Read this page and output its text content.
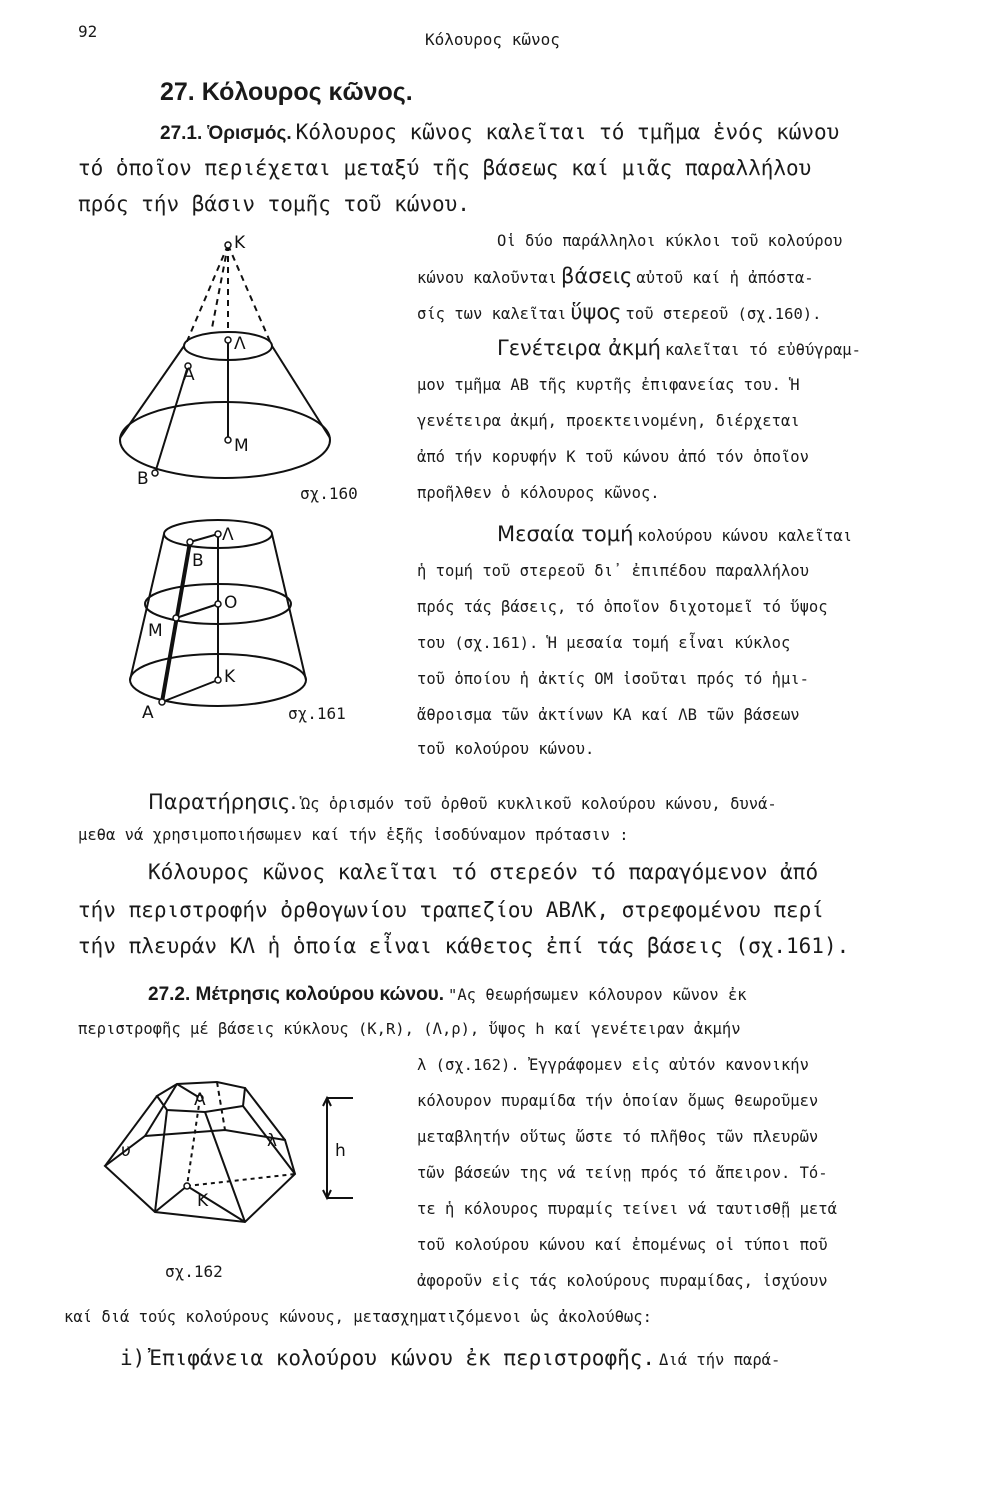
92	Κόλουρος κῶνος
27. Κόλουρος κῶνος.
27.1. Ὁρισμός. Κόλουρος κῶνος καλεῖται τό τμῆμα ἑνός κώνου
τό ὁποῖον περιέχεται μεταξύ τῆς βάσεως καί μιᾶς παραλλήλου
πρός τήν βάσιν τομῆς τοῦ κώνου.
K
Λ
A
M
B
σχ.160
Οἱ δύο παράλληλοι κύκλοι τοῦ κολούρου
κώνου καλοῦνται βάσεις αὐτοῦ καί ἡ ἀπόστα-
σίς των καλεῖται ὕψος τοῦ στερεοῦ (σχ.160).
Γενέτειρα ἀκμή καλεῖται τό εὐθύγραμ-
μον τμῆμα ΑΒ τῆς κυρτῆς ἐπιφανείας του. Ἡ
γενέτειρα ἀκμή, προεκτεινομένη, διέρχεται
ἀπό τήν κορυφήν Κ τοῦ κώνου ἀπό τόν ὁποῖον
προῆλθεν ὁ κόλουρος κῶνος.
Λ
B
O
M
K
A	σχ.161
Μεσαία τομή κολούρου κώνου καλεῖται
ἡ τομή τοῦ στερεοῦ δι᾽ ἐπιπέδου παραλλήλου
πρός τάς βάσεις, τό ὁποῖον διχοτομεῖ τό ὕψος
του (σχ.161). Ἡ μεσαία τομή εἶναι κύκλος
τοῦ ὁποίου ἡ ἀκτίς ΟΜ ἰσοῦται πρός τό ἡμι-
ἄθροισμα τῶν ἀκτίνων ΚΑ καί ΛΒ τῶν βάσεων
τοῦ κολούρου κώνου.
Παρατήρησις. Ὡς ὁρισμόν τοῦ ὀρθοῦ κυκλικοῦ κολούρου κώνου, δυνά-
μεθα νά χρησιμοποιήσωμεν καί τήν ἑξῆς ἰσοδύναμον πρότασιν :
Κόλουρος κῶνος καλεῖται τό στερεόν τό παραγόμενον ἀπό
τήν περιστροφήν ὀρθογωνίου τραπεζίου ΑΒΛΚ, στρεφομένου περί
τήν πλευράν ΚΛ ἡ ὁποία εἶναι κάθετος ἐπί τάς βάσεις (σχ.161).
27.2. Μέτρησις κολούρου κώνου. "Ας θεωρήσωμεν κόλουρον κῶνον ἐκ
περιστροφῆς μέ βάσεις κύκλους (Κ,R), (Λ,ρ), ὕψος h καί γενέτειραν ἀκμήν
λ (σχ.162). Ἐγγράφομεν εἰς αὐτόν κανονικήν
κόλουρον πυραμίδα τήν ὁποίαν ὅμως θεωροῦμεν
μεταβλητήν οὕτως ὥστε τό πλῆθος τῶν πλευρῶν
τῶν βάσεών της νά τείνῃ πρός τό ἄπειρον. Τό-
τε ἡ κόλουρος πυραμίς τείνει νά ταυτισθῇ μετά
τοῦ κολούρου κώνου καί ἐπομένως οἱ τύποι ποῦ
ἀφοροῦν εἰς τάς κολούρους πυραμίδας, ἰσχύουν
καί διά τούς κολούρους κώνους, μετασχηματιζόμενοι ὡς ἀκολούθως:
Λ
υ	λ	h
K
σχ.162
i) Ἐπιφάνεια κολούρου κώνου ἐκ περιστροφῆς. Διά τήν παρά-
